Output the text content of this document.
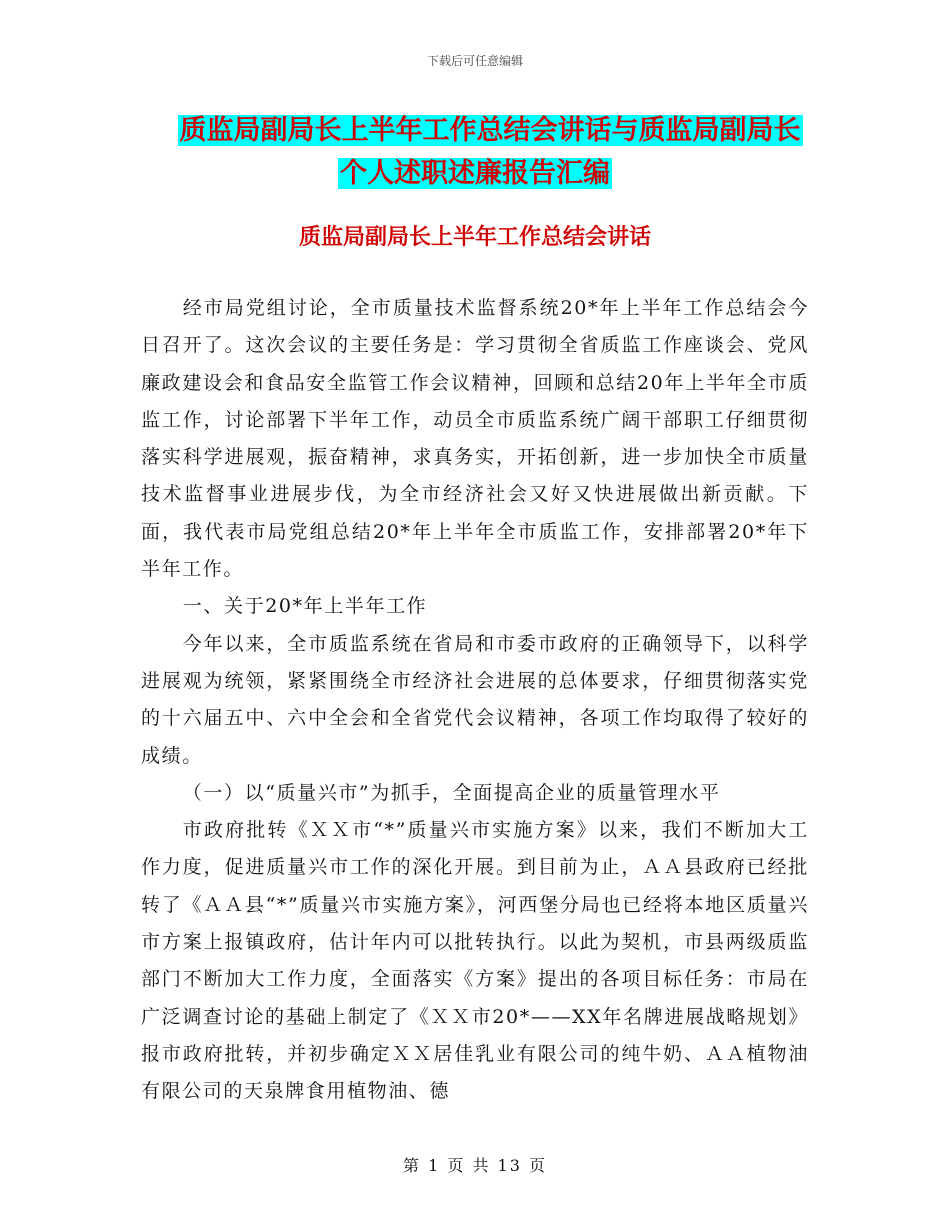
下载后可任意编辑
质监局副局长上半年工作总结会讲话与质监局副局长
个人述职述廉报告汇编
质监局副局长上半年工作总结会讲话

经市局党组讨论，全市质量技术监督系统20*年上半年工作总结会今日召开了。这次会议的主要任务是：学习贯彻全省质监工作座谈会、党风廉政建设会和食品安全监管工作会议精神，回顾和总结20年上半年全市质监工作，讨论部署下半年工作，动员全市质监系统广阔干部职工仔细贯彻落实科学进展观，振奋精神，求真务实，开拓创新，进一步加快全市质量技术监督事业进展步伐，为全市经济社会又好又快进展做出新贡献。下面，我代表市局党组总结20*年上半年全市质监工作，安排部署20*年下半年工作。

一、关于20*年上半年工作

今年以来，全市质监系统在省局和市委市政府的正确领导下，以科学进展观为统领，紧紧围绕全市经济社会进展的总体要求，仔细贯彻落实党的十六届五中、六中全会和全省党代会议精神，各项工作均取得了较好的成绩。

（一）以“质量兴市”为抓手，全面提高企业的质量管理水平

市政府批转《ＸＸ市“*”质量兴市实施方案》以来，我们不断加大工作力度，促进质量兴市工作的深化开展。到目前为止，ＡＡ县政府已经批转了《ＡＡ县“*”质量兴市实施方案》，河西堡分局也已经将本地区质量兴市方案上报镇政府，估计年内可以批转执行。以此为契机，市县两级质监部门不断加大工作力度，全面落实《方案》提出的各项目标任务：市局在广泛调查讨论的基础上制定了《ＸＸ市20*——XX年名牌进展战略规划》报市政府批转，并初步确定ＸＸ居佳乳业有限公司的纯牛奶、ＡＡ植物油有限公司的天泉牌食用植物油、德

第 1 页 共 13 页
